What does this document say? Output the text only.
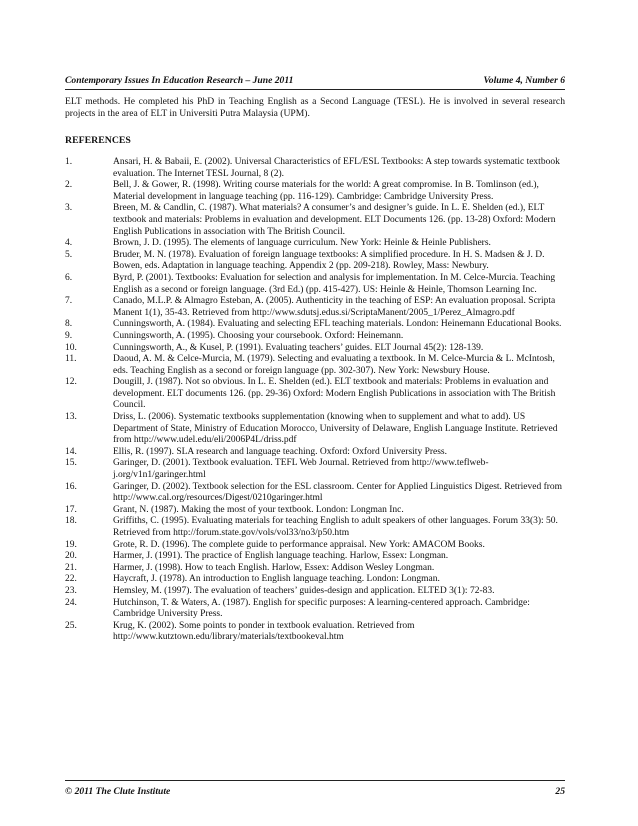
Contemporary Issues In Education Research – June 2011	Volume 4, Number 6
ELT methods. He completed his PhD in Teaching English as a Second Language (TESL). He is involved in several research projects in the area of ELT in Universiti Putra Malaysia (UPM).
REFERENCES
1.	Ansari, H. & Babaii, E. (2002). Universal Characteristics of EFL/ESL Textbooks: A step towards systematic textbook evaluation. The Internet TESL Journal, 8 (2).
2.	Bell, J. & Gower, R. (1998). Writing course materials for the world: A great compromise. In B. Tomlinson (ed.), Material development in language teaching (pp. 116-129). Cambridge: Cambridge University Press.
3.	Breen, M. & Candlin, C. (1987). What materials? A consumer’s and designer’s guide. In L. E. Shelden (ed.), ELT textbook and materials: Problems in evaluation and development. ELT Documents 126. (pp. 13-28) Oxford: Modern English Publications in association with The British Council.
4.	Brown, J. D. (1995). The elements of language curriculum. New York: Heinle & Heinle Publishers.
5.	Bruder, M. N. (1978). Evaluation of foreign language textbooks: A simplified procedure. In H. S. Madsen & J. D. Bowen, eds. Adaptation in language teaching. Appendix 2 (pp. 209-218). Rowley, Mass: Newbury.
6.	Byrd, P. (2001). Textbooks: Evaluation for selection and analysis for implementation. In M. Celce-Murcia. Teaching English as a second or foreign language. (3rd Ed.) (pp. 415-427). US: Heinle & Heinle, Thomson Learning Inc.
7.	Canado, M.L.P. & Almagro Esteban, A. (2005). Authenticity in the teaching of ESP: An evaluation proposal. Scripta Manent 1(1), 35-43. Retrieved from http://www.sdutsj.edus.si/ScriptaManent/2005_1/Perez_Almagro.pdf
8.	Cunningsworth, A. (1984). Evaluating and selecting EFL teaching materials. London: Heinemann Educational Books.
9.	Cunningsworth, A. (1995). Choosing your coursebook. Oxford: Heinemann.
10.	Cunningsworth, A., & Kusel, P. (1991). Evaluating teachers’ guides. ELT Journal 45(2): 128-139.
11.	Daoud, A. M. & Celce-Murcia, M. (1979). Selecting and evaluating a textbook. In M. Celce-Murcia & L. McIntosh, eds. Teaching English as a second or foreign language (pp. 302-307). New York: Newsbury House.
12.	Dougill, J. (1987). Not so obvious. In L. E. Shelden (ed.). ELT textbook and materials: Problems in evaluation and development. ELT documents 126. (pp. 29-36) Oxford: Modern English Publications in association with The British Council.
13.	Driss, L. (2006). Systematic textbooks supplementation (knowing when to supplement and what to add). US Department of State, Ministry of Education Morocco, University of Delaware, English Language Institute. Retrieved from http://www.udel.edu/eli/2006P4L/driss.pdf
14.	Ellis, R. (1997). SLA research and language teaching. Oxford: Oxford University Press.
15.	Garinger, D. (2001). Textbook evaluation. TEFL Web Journal. Retrieved from http://www.teflweb-j.org/v1n1/garinger.html
16.	Garinger, D. (2002). Textbook selection for the ESL classroom. Center for Applied Linguistics Digest. Retrieved from http://www.cal.org/resources/Digest/0210garinger.html
17.	Grant, N. (1987). Making the most of your textbook. London: Longman Inc.
18.	Griffiths, C. (1995). Evaluating materials for teaching English to adult speakers of other languages. Forum 33(3): 50. Retrieved from http://forum.state.gov/vols/vol33/no3/p50.htm
19.	Grote, R. D. (1996). The complete guide to performance appraisal. New York: AMACOM Books.
20.	Harmer, J. (1991). The practice of English language teaching. Harlow, Essex: Longman.
21.	Harmer, J. (1998). How to teach English. Harlow, Essex: Addison Wesley Longman.
22.	Haycraft, J. (1978). An introduction to English language teaching. London: Longman.
23.	Hemsley, M. (1997). The evaluation of teachers’ guides-design and application. ELTED 3(1): 72-83.
24.	Hutchinson, T. & Waters, A. (1987). English for specific purposes: A learning-centered approach. Cambridge: Cambridge University Press.
25.	Krug, K. (2002). Some points to ponder in textbook evaluation. Retrieved from http://www.kutztown.edu/library/materials/textbookeval.htm
© 2011 The Clute Institute	25
